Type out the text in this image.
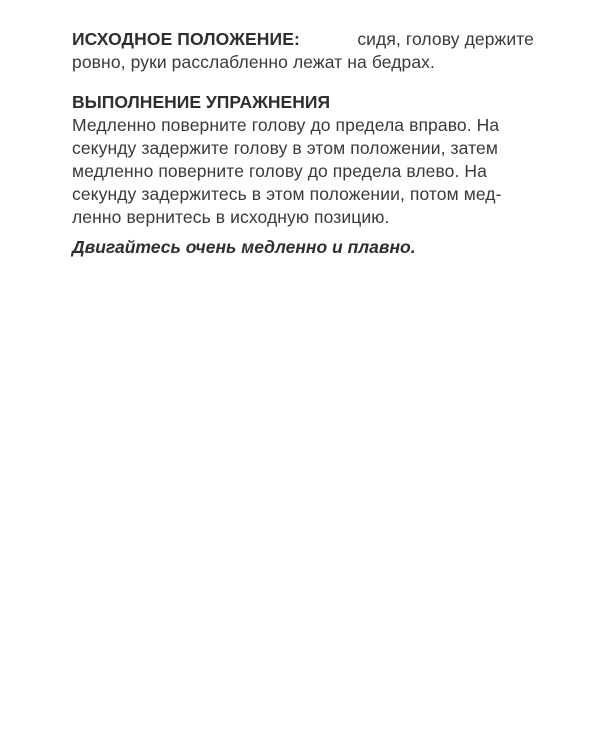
ИСХОДНОЕ ПОЛОЖЕНИЕ:	сидя, голову держите
ровно, руки расслабленно лежат на бедрах.
ВЫПОЛНЕНИЕ УПРАЖНЕНИЯ
Медленно поверните голову до предела вправо. На
секунду задержите голову в этом положении, затем
медленно поверните голову до предела влево. На
секунду задержитесь в этом положении, потом мед-
ленно вернитесь в исходную позицию.
Двигайтесь очень медленно и плавно.
